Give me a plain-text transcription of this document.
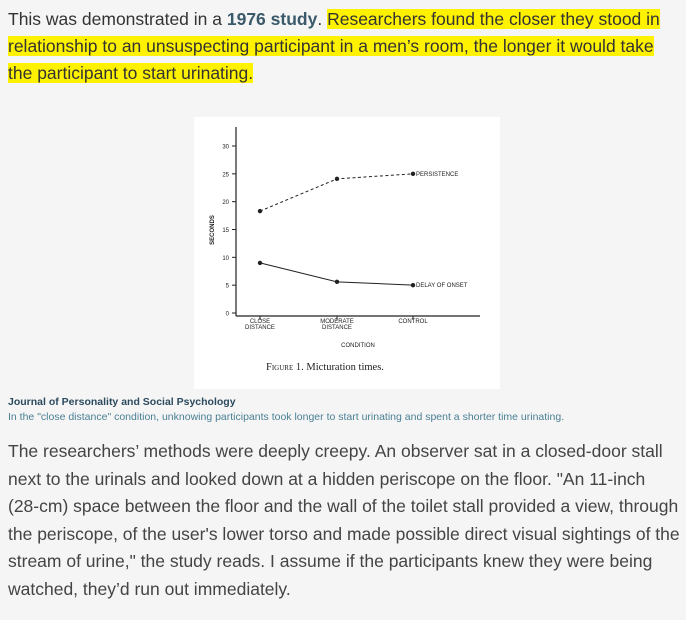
This was demonstrated in a 1976 study. Researchers found the closer they stood in relationship to an unsuspecting participant in a men’s room, the longer it would take the participant to start urinating.

0
5
10
15
20
25
30
SECONDS
CLOSE
DISTANCE
MODERATE
DISTANCE
CONTROL
CONDITION
PERSISTENCE
DELAY OF ONSET
Figure 1. Micturation times.

Journal of Personality and Social Psychology

In the "close distance" condition, unknowing participants took longer to start urinating and spent a shorter time urinating.

The researchers’ methods were deeply creepy. An observer sat in a closed-door stall next to the urinals and looked down at a hidden periscope on the floor. "An 11-inch (28-cm) space between the floor and the wall of the toilet stall provided a view, through the periscope, of the user's lower torso and made possible direct visual sightings of the stream of urine," the study reads. I assume if the participants knew they were being watched, they’d run out immediately.
